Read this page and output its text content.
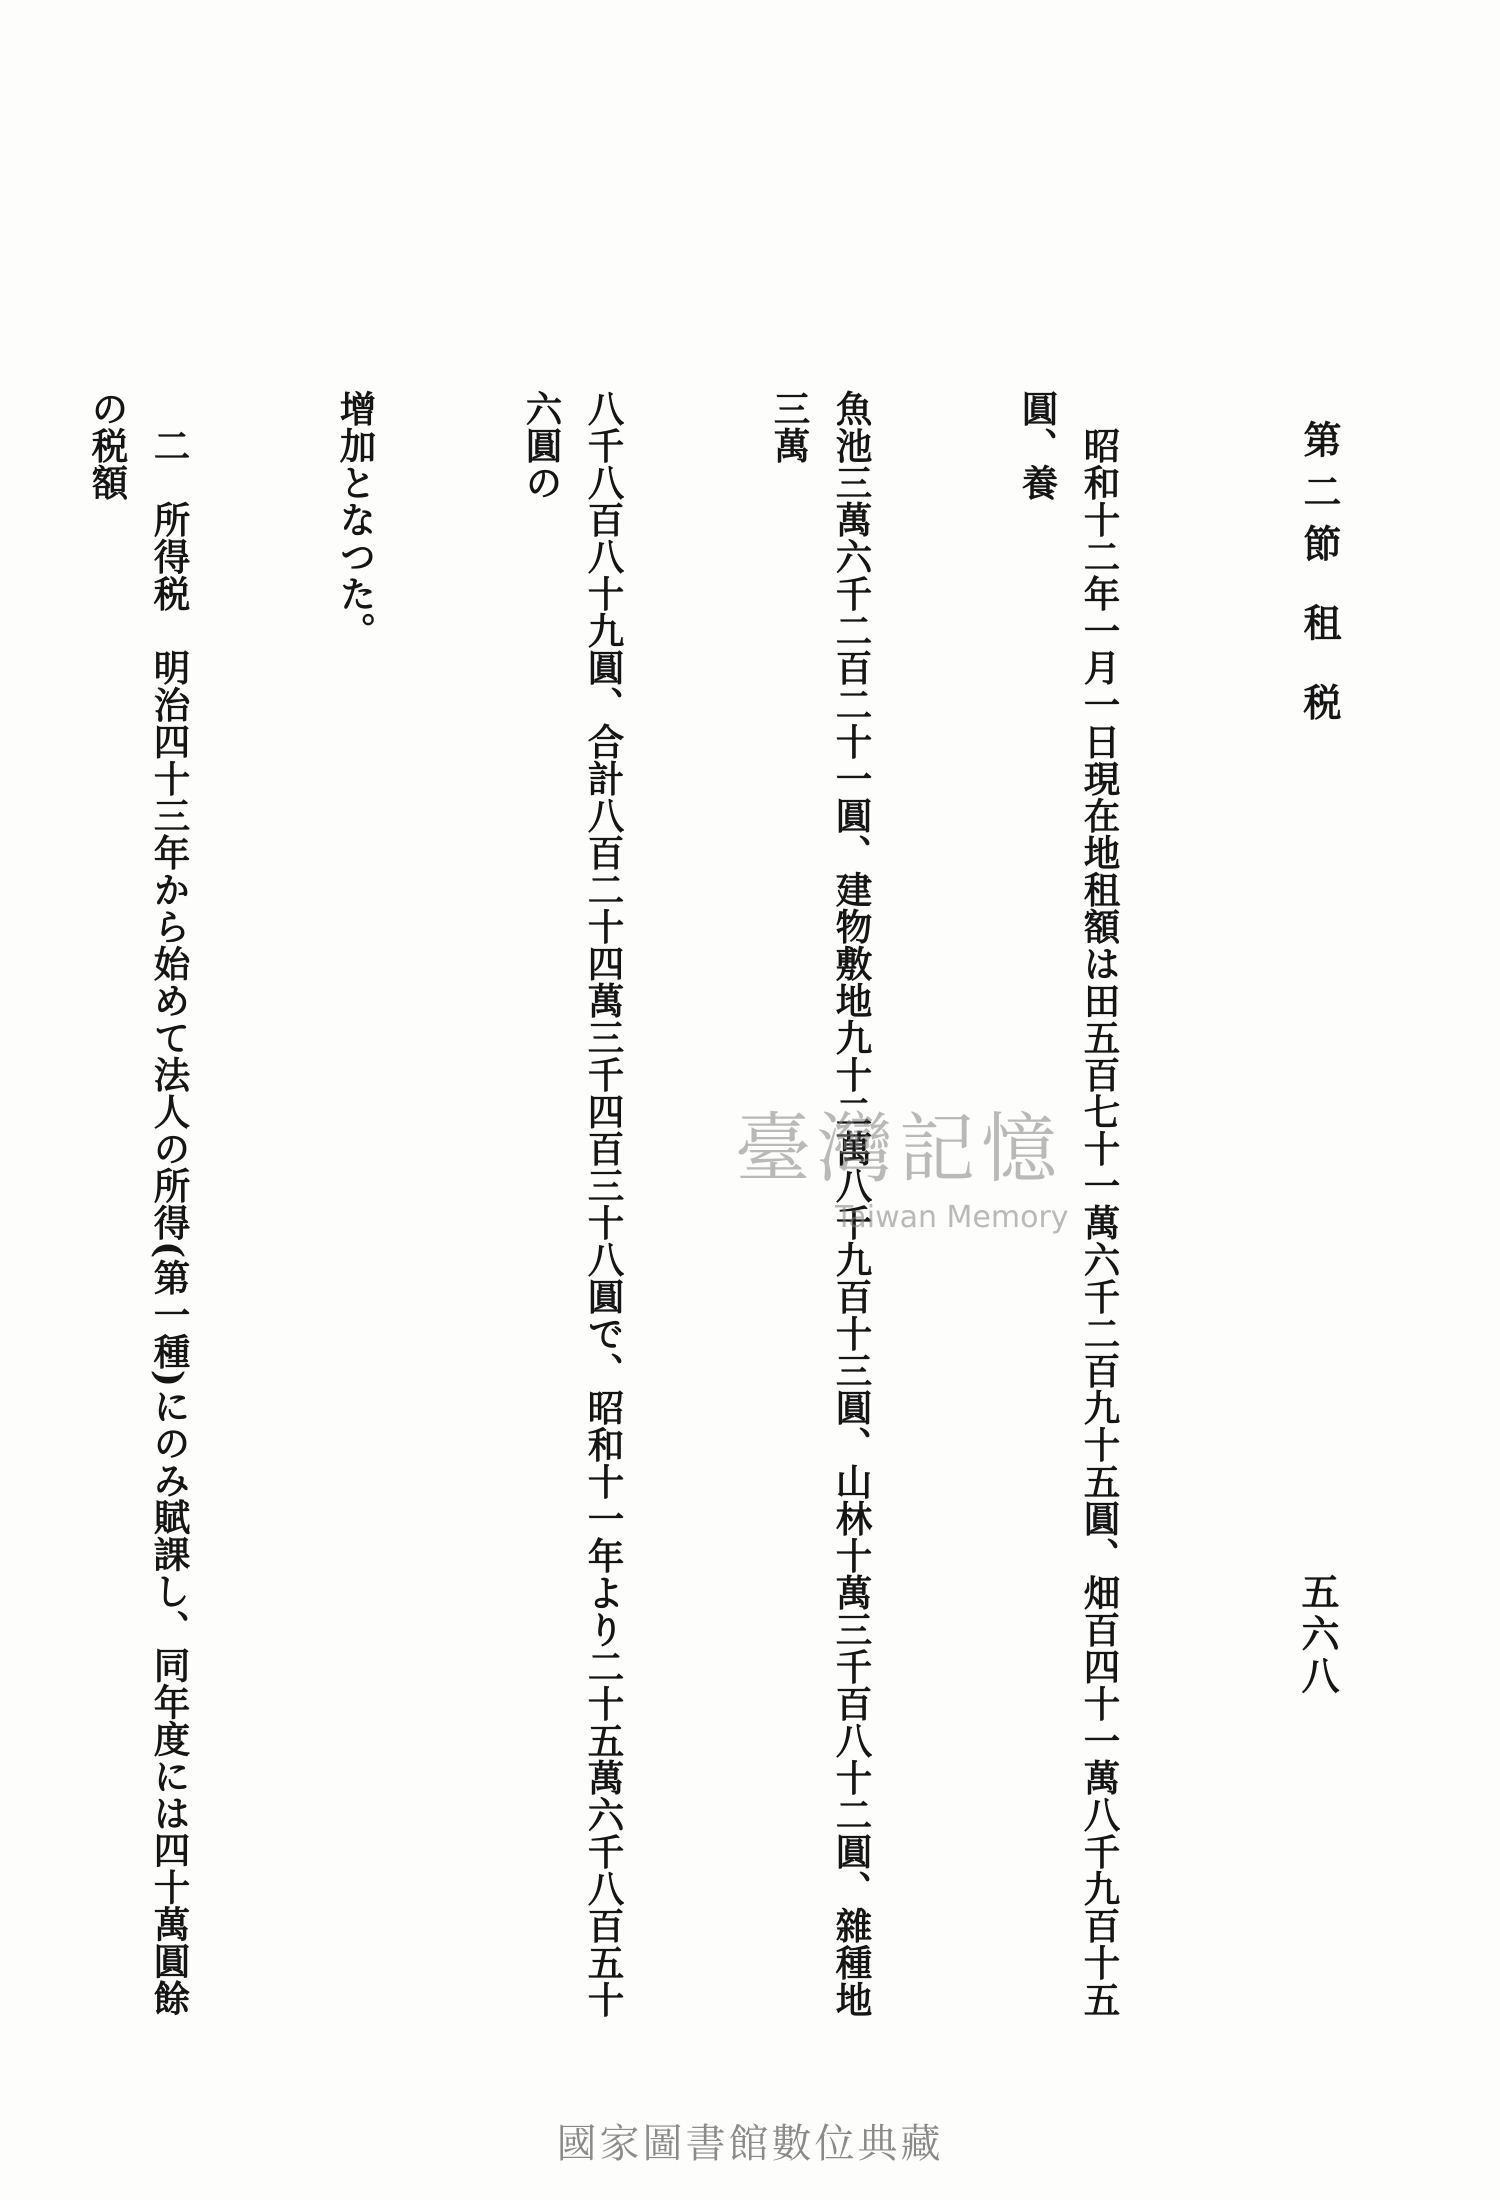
第二節 租 税
五六八

　昭和十二年一月一日現在地租額は田五百七十一萬六千二百九十五圓、畑百四十一萬八千九百十五圓、養

魚池三萬六千二百二十一圓、建物敷地九十二萬八千九百十三圓、山林十萬三千百八十二圓、雜種地三萬

八千八百八十九圓、合計八百二十四萬三千四百三十八圓で、昭和十一年より二十五萬六千八百五十六圓の

增加となつた。

　二　所得税　明治四十三年から始めて法人の所得(第一種)にのみ賦課し、同年度には四十萬圓餘の税額

臺灣記憶
Taiwan Memory
國家圖書館數位典藏
